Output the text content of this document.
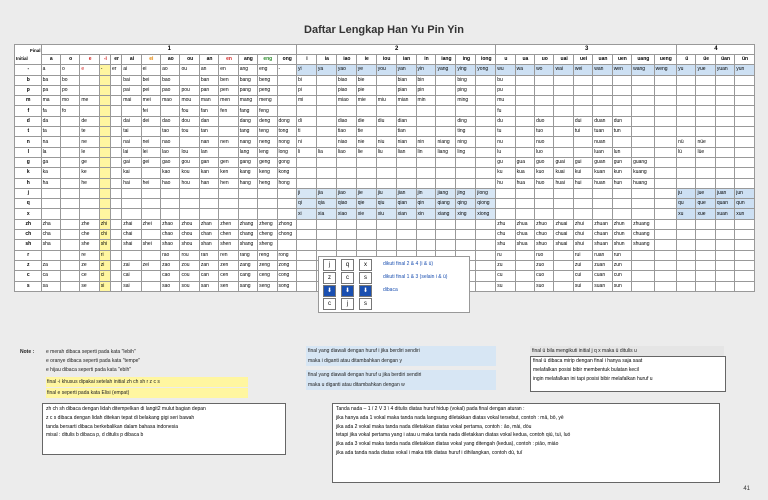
Daftar Lengkap Han Yu Pin Yin
Final
Initial	1														2										3									4			
	a	o	e	-i	er	ai	ei	ao	ou	an	en	ang	eng	ong	i	ia	iao	ie	iou	ian	in	iang	ing	iong	u	ua	uo	uai	uei	uan	uen	uang	ueng	ü	üe	üan	ün
-	a	o	e	-	er	ai	ei	ao	ou	an	en	ang	eng	-	yi	ya	yao	ye	you	yan	yin	yang	ying	yong	wu	wa	wo	wai	wei	wan	wen	wang	weng	yu	yue	yuan	yun
b	ba	bo				bai	bei	bao		ban	ben	bang	beng		bi		biao	bie		bian	bin		bing		bu												
p	pa	po				pai	pei	pao	pou	pan	pen	pang	peng		pi		piao	pie		pian	pin		ping		pu												
m	ma	mo	me			mai	mei	mao	mou	man	men	mang	meng		mi		miao	mie	miu	mian	min		ming		mu												
f	fa	fo					fei		fou	fan	fen	fang	feng												fu												
d	da		de			dai	dei	dao	dou	dan		dang	deng	dong	di		diao	die	diu	dian			ding		du		duo		dui	duan	dun						
t	ta		te			tai		tao	tou	tan		tang	teng	tong	ti		tiao	tie		tian			ting		tu		tuo		tui	tuan	tun						
n	na		ne			nai	nei	nao		nan	nen	nang	neng	nong	ni		niao	nie	niu	nian	nin	niang	ning		nu		nuo			nuan				nü	nüe		
l	la		le			lai	lei	lao	lou	lan		lang	leng	long	li	lia	liao	lie	liu	lian	lin	liang	ling		lu		luo			luan	lun			lü	lüe		
g	ga		ge			gai	gei	gao	gou	gan	gen	gang	geng	gong											gu	gua	guo	guai	gui	guan	gun	guang					
k	ka		ke			kai		kao	kou	kan	ken	kang	keng	kong											ku	kua	kuo	kuai	kui	kuan	kun	kuang					
h	ha		he			hai	hei	hao	hou	han	hen	hang	heng	hong											hu	hua	huo	huai	hui	huan	hun	huang					
j															ji	jia	jiao	jie	jiu	jian	jin	jiang	jing	jiong										ju	jue	juan	jun
q															qi	qia	qiao	qie	qiu	qian	qin	qiang	qing	qiong										qu	que	quan	qun
x															xi	xia	xiao	xie	xiu	xian	xin	xiang	xing	xiong										xu	xue	xuan	xun
zh	zha		zhe	zhi		zhai	zhei	zhao	zhou	zhan	zhen	zhang	zheng	zhong											zhu	zhua	zhuo	zhuai	zhui	zhuan	zhun	zhuang					
ch	cha		che	chi		chai		chao	chou	chan	chen	chang	cheng	chong											chu	chua	chuo	chuai	chui	chuan	chun	chuang					
sh	sha		she	shi		shai	shei	shao	shou	shan	shen	shang	sheng												shu	shua	shuo	shuai	shui	shuan	shun	shuang					
r			re	ri				rao	rou	ran	ren	rang	reng	rong											ru		ruo		rui	ruan	run						
z	za		ze	zi		zai	zei	zao	zou	zan	zen	zang	zeng	zong											zu		zuo		zui	zuan	zun						
c	ca		ce	ci		cai		cao	cou	can	cen	cang	ceng	cong											cu		cuo		cui	cuan	cun						
s	sa		se	si		sai		sao	sou	san	sen	sang	seng	song											su		suo		sui	suan	sun						
j	q	x	dikuti final 2 & 4 (i & ü)
z	c	s	dikuti final 1 & 3 (selain i & ü)
⬇	⬇	⬇	dibaca
c	j	s
Note : e merah dibaca seperti pada kata "lebih"
e oranye dibaca seperti pada kata "tempe"
e hijau dibaca seperti pada kata "ebih"
final -i khusus dipakai setelah initial zh ch sh r z c s
final e seperti pada kata Elisi (empat)
zh ch sh dibaca dengan lidah ditempelkan di langit2 mulut bagian depan
z c s dibaca dengan lidah ditekan tepat di belakang gigi seri bawah
tanda bersarti dibaca berkebalikan dalam bahasa indonesia
misal : ditulis b dibaca p, d ditulis p dibaca b
final yang diawali dengan huruf i jika berdiri sendiri
maka i diganti atau ditambahkan dengan y
final yang diawali dengan huruf u jika berdiri sendiri
maka u diganti atau ditambahkan dengan w
final ü bila mengikuti initial j q x maka ü ditulis u
final ü dibaca mirip dengan final i hanya saja saat
melafalkan posisi bibir membentuk bulatan kecil
ingin melafalkan ini tapi posisi bibir melafalkan huruf u
Tanda nada – 1 / 2 V 3 \ 4 ditulis diatas huruf hidup (vokal) pada final dengan aturan :
jika hanya ada 1 vokal maka tanda nada langsung diletakkan diatas vokal tersebut, contoh : mā, bō, yē
jika ada 2 vokal maka tanda nada diletakkan diatas vokal pertama, contoh : ǎo, mài, dòu
tetapi jika vokal pertama yang i atau u maka tanda nada diletakkan diatas vokal kedua, contoh qiú, tuì, luó
jika ada 3 vokal maka tanda nada diletakkan diatas vokal yang ditengah (kedua), contoh : piāo, miáo
jika ada tanda nada diatas vokal i maka titik diatas huruf i dihilangkan, contoh dú, tuī
41
